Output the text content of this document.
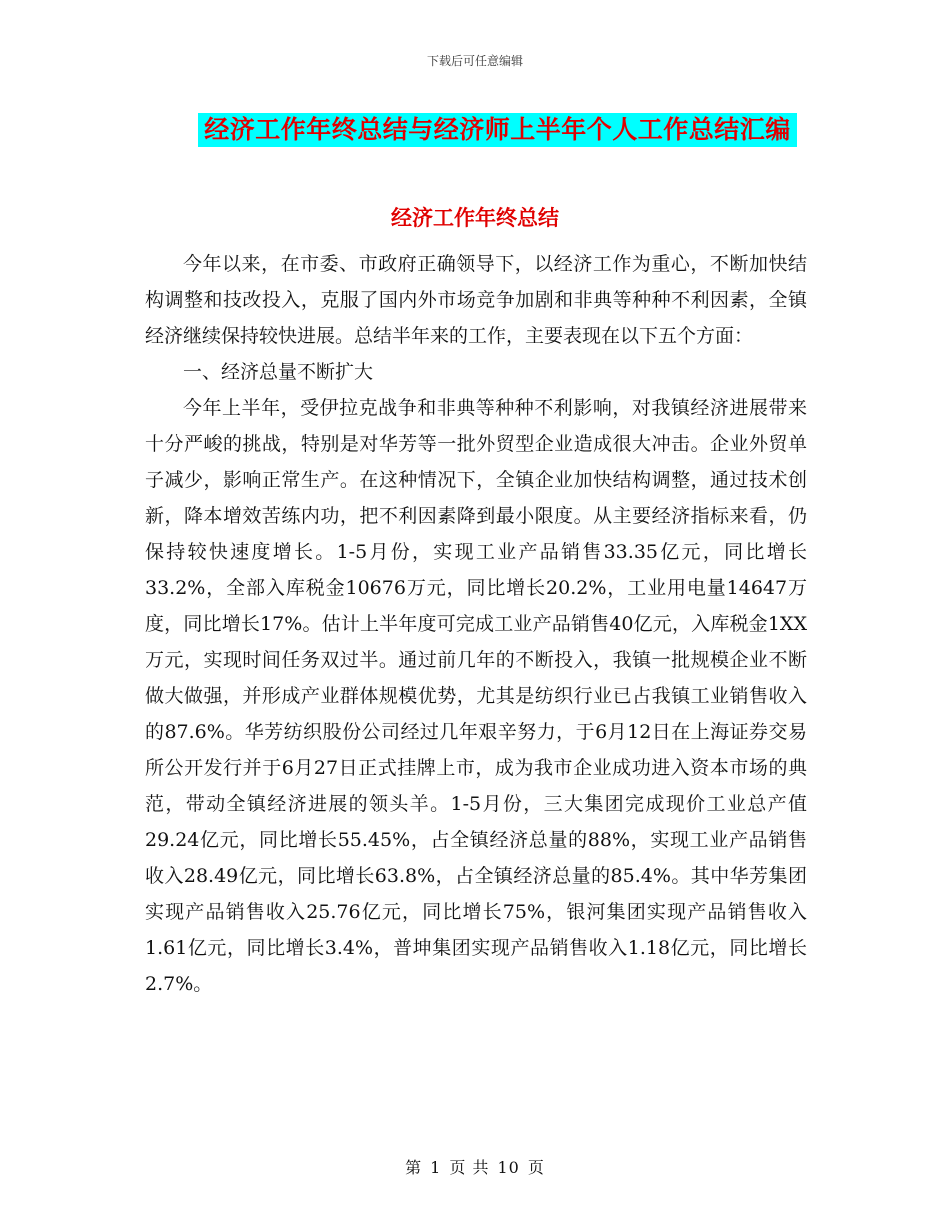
下载后可任意编辑
经济工作年终总结与经济师上半年个人工作总结汇编
经济工作年终总结

今年以来，在市委、市政府正确领导下，以经济工作为重心，不断加快结构调整和技改投入，克服了国内外市场竞争加剧和非典等种种不利因素，全镇经济继续保持较快进展。总结半年来的工作，主要表现在以下五个方面：

一、经济总量不断扩大

今年上半年，受伊拉克战争和非典等种种不利影响，对我镇经济进展带来十分严峻的挑战，特别是对华芳等一批外贸型企业造成很大冲击。企业外贸单子减少，影响正常生产。在这种情况下，全镇企业加快结构调整，通过技术创新，降本增效苦练内功，把不利因素降到最小限度。从主要经济指标来看，仍保持较快速度增长。1-5月份，实现工业产品销售33.35亿元，同比增长33.2%，全部入库税金10676万元，同比增长20.2%，工业用电量14647万度，同比增长17%。估计上半年度可完成工业产品销售40亿元，入库税金1XX万元，实现时间任务双过半。通过前几年的不断投入，我镇一批规模企业不断做大做强，并形成产业群体规模优势，尤其是纺织行业已占我镇工业销售收入的87.6%。华芳纺织股份公司经过几年艰辛努力，于6月12日在上海证券交易所公开发行并于6月27日正式挂牌上市，成为我市企业成功进入资本市场的典范，带动全镇经济进展的领头羊。1-5月份，三大集团完成现价工业总产值29.24亿元，同比增长55.45%，占全镇经济总量的88%，实现工业产品销售收入28.49亿元，同比增长63.8%，占全镇经济总量的85.4%。其中华芳集团实现产品销售收入25.76亿元，同比增长75%，银河集团实现产品销售收入1.61亿元，同比增长3.4%，普坤集团实现产品销售收入1.18亿元，同比增长2.7%。

第 1 页 共 10 页
